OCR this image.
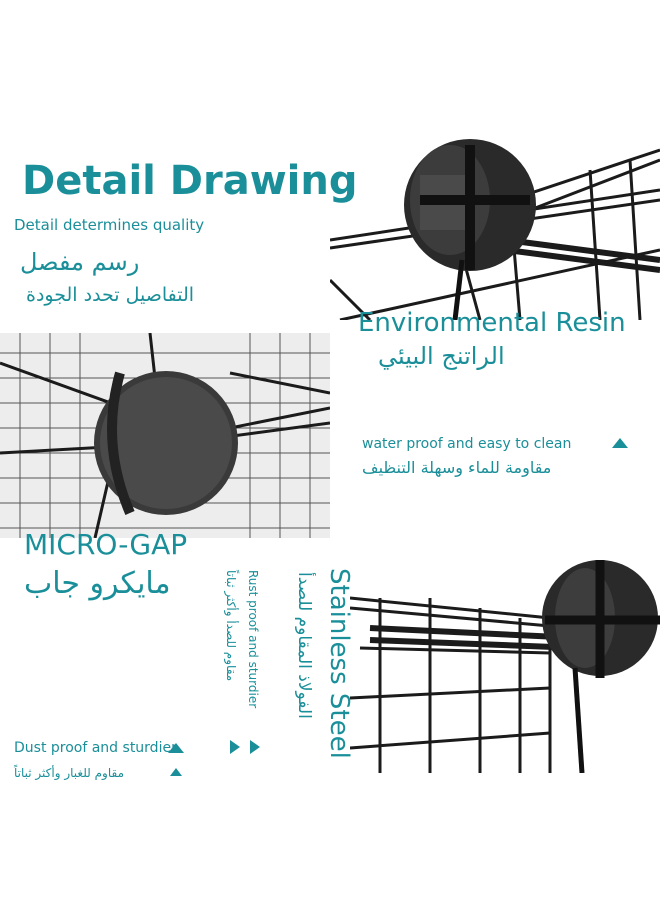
Detail Drawing
Detail determines quality
رسم مفصل
التفاصيل تحدد الجودة
Environmental Resin
الراتنج البيئي
water proof and easy to clean
مقاومة للماء وسهلة التنظيف
MICRO-GAP
مايكرو جاب
Dust proof and sturdier
مقاوم للغبار وأكثر ثباتاً
Rust proof and sturdier
مقاوم للصدأ وأكثر ثباتاً	Stainless Steel
الفولاذ المقاوم للصدأ
